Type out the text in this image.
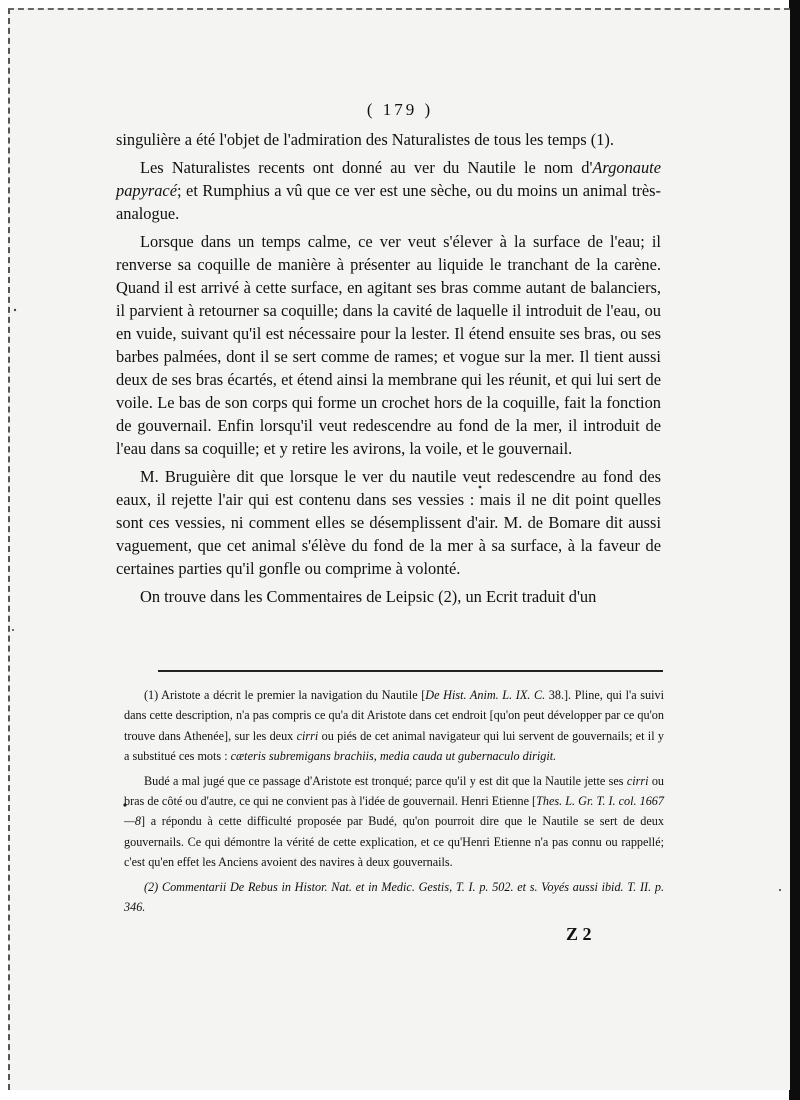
( 179 )

singulière a été l'objet de l'admiration des Naturalistes de tous les temps (1).

Les Naturalistes recents ont donné au ver du Nautile le nom d'Argonaute papyracé; et Rumphius a vû que ce ver est une sèche, ou du moins un animal très-analogue.

Lorsque dans un temps calme, ce ver veut s'élever à la surface de l'eau; il renverse sa coquille de manière à présenter au liquide le tranchant de la carène. Quand il est arrivé à cette surface, en agitant ses bras comme autant de balanciers, il parvient à retourner sa coquille; dans la cavité de laquelle il introduit de l'eau, ou en vuide, suivant qu'il est nécessaire pour la lester. Il étend ensuite ses bras, ou ses barbes palmées, dont il se sert comme de rames; et vogue sur la mer. Il tient aussi deux de ses bras écartés, et étend ainsi la membrane qui les réunit, et qui lui sert de voile. Le bas de son corps qui forme un crochet hors de la coquille, fait la fonction de gouvernail. Enfin lorsqu'il veut redescendre au fond de la mer, il introduit de l'eau dans sa coquille; et y retire les avirons, la voile, et le gouvernail.

M. Bruguière dit que lorsque le ver du nautile veut redescendre au fond des eaux, il rejette l'air qui est contenu dans ses vessies : mais il ne dit point quelles sont ces vessies, ni comment elles se désemplissent d'air. M. de Bomare dit aussi vaguement, que cet animal s'élève du fond de la mer à sa surface, à la faveur de certaines parties qu'il gonfle ou comprime à volonté.

On trouve dans les Commentaires de Leipsic (2), un Ecrit traduit d'un

(1) Aristote a décrit le premier la navigation du Nautile [De Hist. Anim. L. IX. C. 38.]. Pline, qui l'a suivi dans cette description, n'a pas compris ce qu'a dit Aristote dans cet endroit [qu'on peut développer par ce qu'on trouve dans Athenée], sur les deux cirri ou piés de cet animal navigateur qui lui servent de gouvernails; et il y a substitué ces mots : cæteris subremigans brachiis, media cauda ut gubernaculo dirigit.

Budé a mal jugé que ce passage d'Aristote est tronqué; parce qu'il y est dit que la Nautile jette ses cirri ou bras de côté ou d'autre, ce qui ne convient pas à l'idée de gouvernail. Henri Etienne [Thes. L. Gr. T. I. col. 1667—8] a répondu à cette difficulté proposée par Budé, qu'on pourroit dire que le Nautile se sert de deux gouvernails. Ce qui démontre la vérité de cette explication, et ce qu'Henri Etienne n'a pas connu ou rappellé; c'est qu'en effet les Anciens avoient des navires à deux gouvernails.

(2) Commentarii De Rebus in Histor. Nat. et in Medic. Gestis, T. I. p. 502. et s. Voyés aussi ibid. T. II. p. 346.

Z 2
